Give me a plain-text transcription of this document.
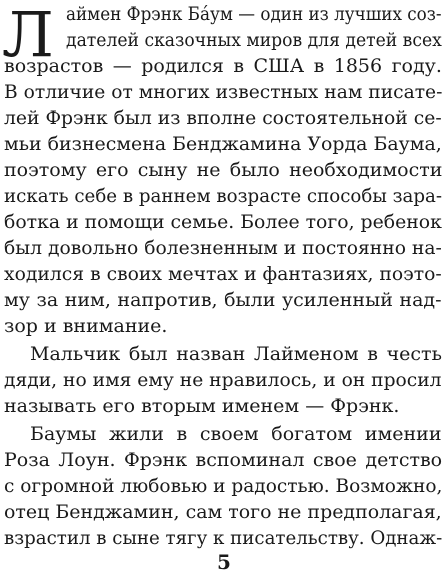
Л аймен Фрэнк Ба́ум — один из лучших соз-
дателей сказочных миров для детей всех
возрастов — родился в США в 1856 году.
В отличие от многих известных нам писате-
лей Фрэнк был из вполне состоятельной се-
мьи бизнесмена Бенджамина Уорда Баума,
поэтому его сыну не было необходимости
искать себе в раннем возрасте способы зара-
ботка и помощи семье. Более того, ребенок
был довольно болезненным и постоянно на-
ходился в своих мечтах и фантазиях, поэто-
му за ним, напротив, были усиленный над-
зор и внимание.
Мальчик был назван Лайменом в честь
дяди, но имя ему не нравилось, и он просил
называть его вторым именем — Фрэнк.
Баумы жили в своем богатом имении
Роза Лоун. Фрэнк вспоминал свое детство
с огромной любовью и радостью. Возможно,
отец Бенджамин, сам того не предполагая,
взрастил в сыне тягу к писательству. Однаж-
5
